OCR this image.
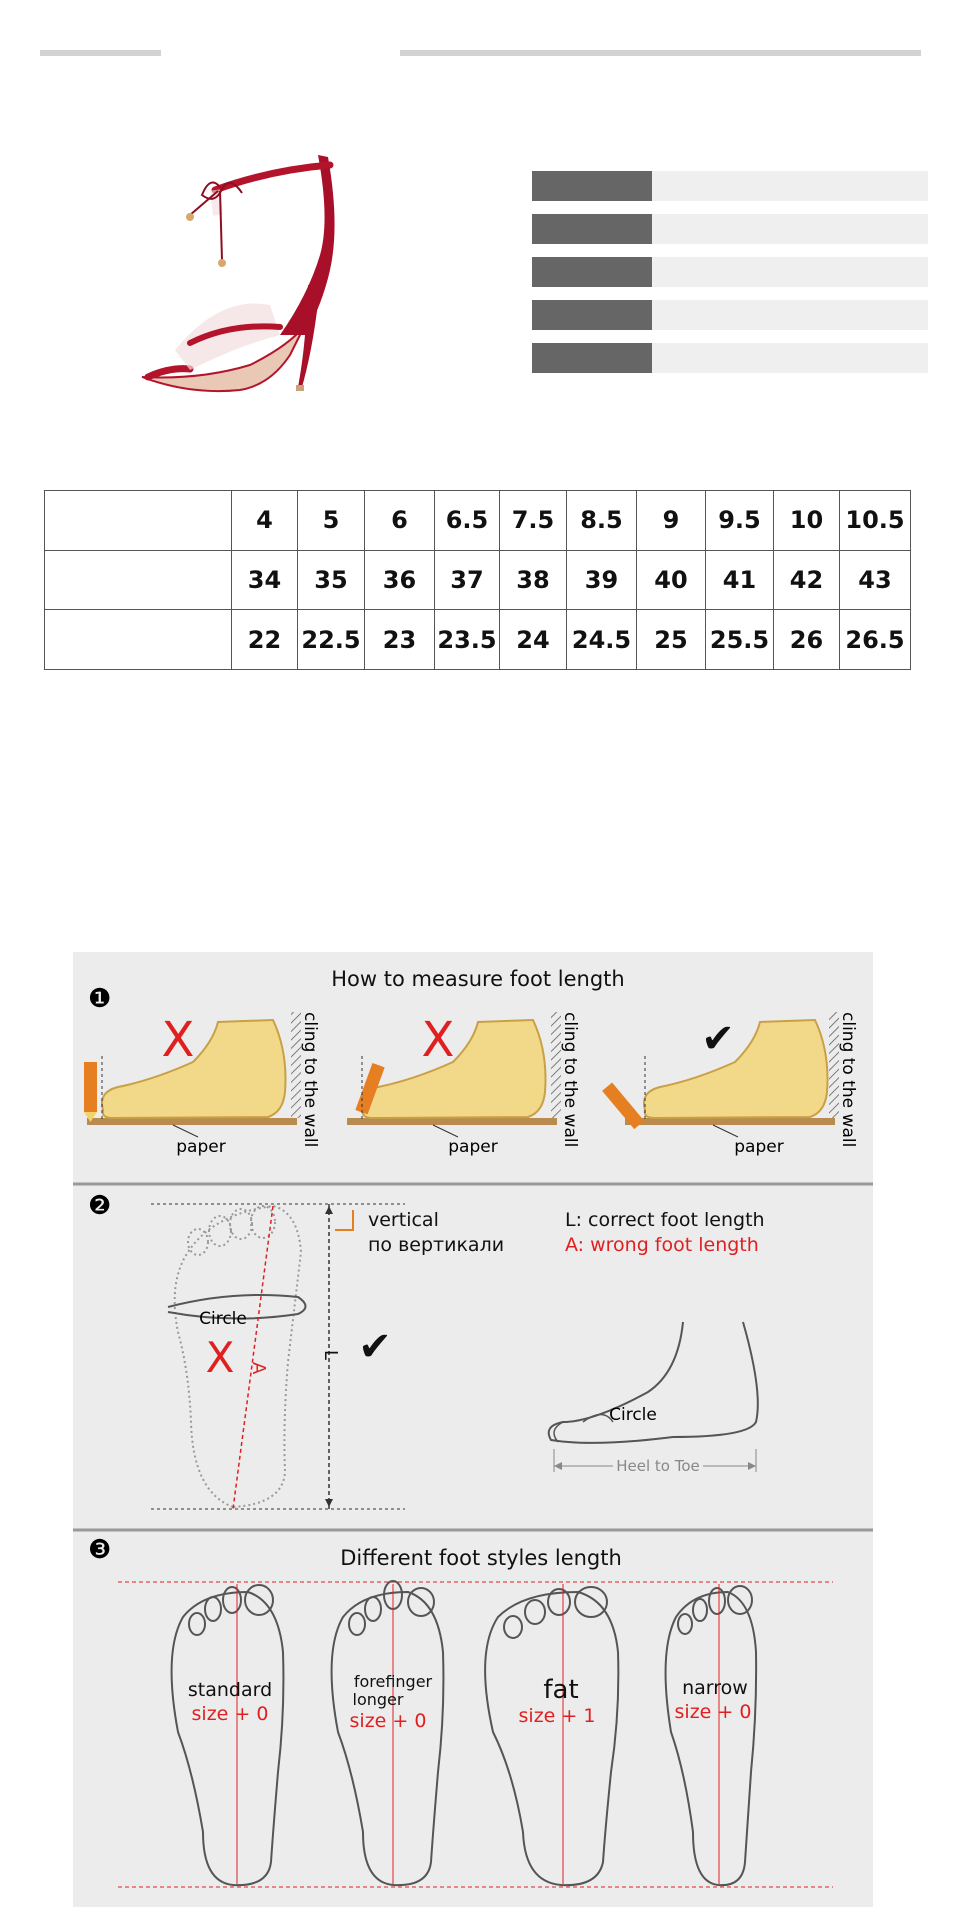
	4	5	6	6.5	7.5	8.5	9	9.5	10	10.5
	34	35	36	37	38	39	40	41	42	43
	22	22.5	23	23.5	24	24.5	25	25.5	26	26.5
❶
How to measure foot length
X
paper	cling to the wall X
paper	cling to the wall	✔
paper	cling to the wall
❷
Circle
A
X	L ✔
vertical
по вертикали
L: correct foot length
A: wrong foot length
Circle
Heel to Toe
❸	Different foot styles length
standard
size + 0
forefinger
longer
size + 0
fat
size + 1
narrow
size + 0
